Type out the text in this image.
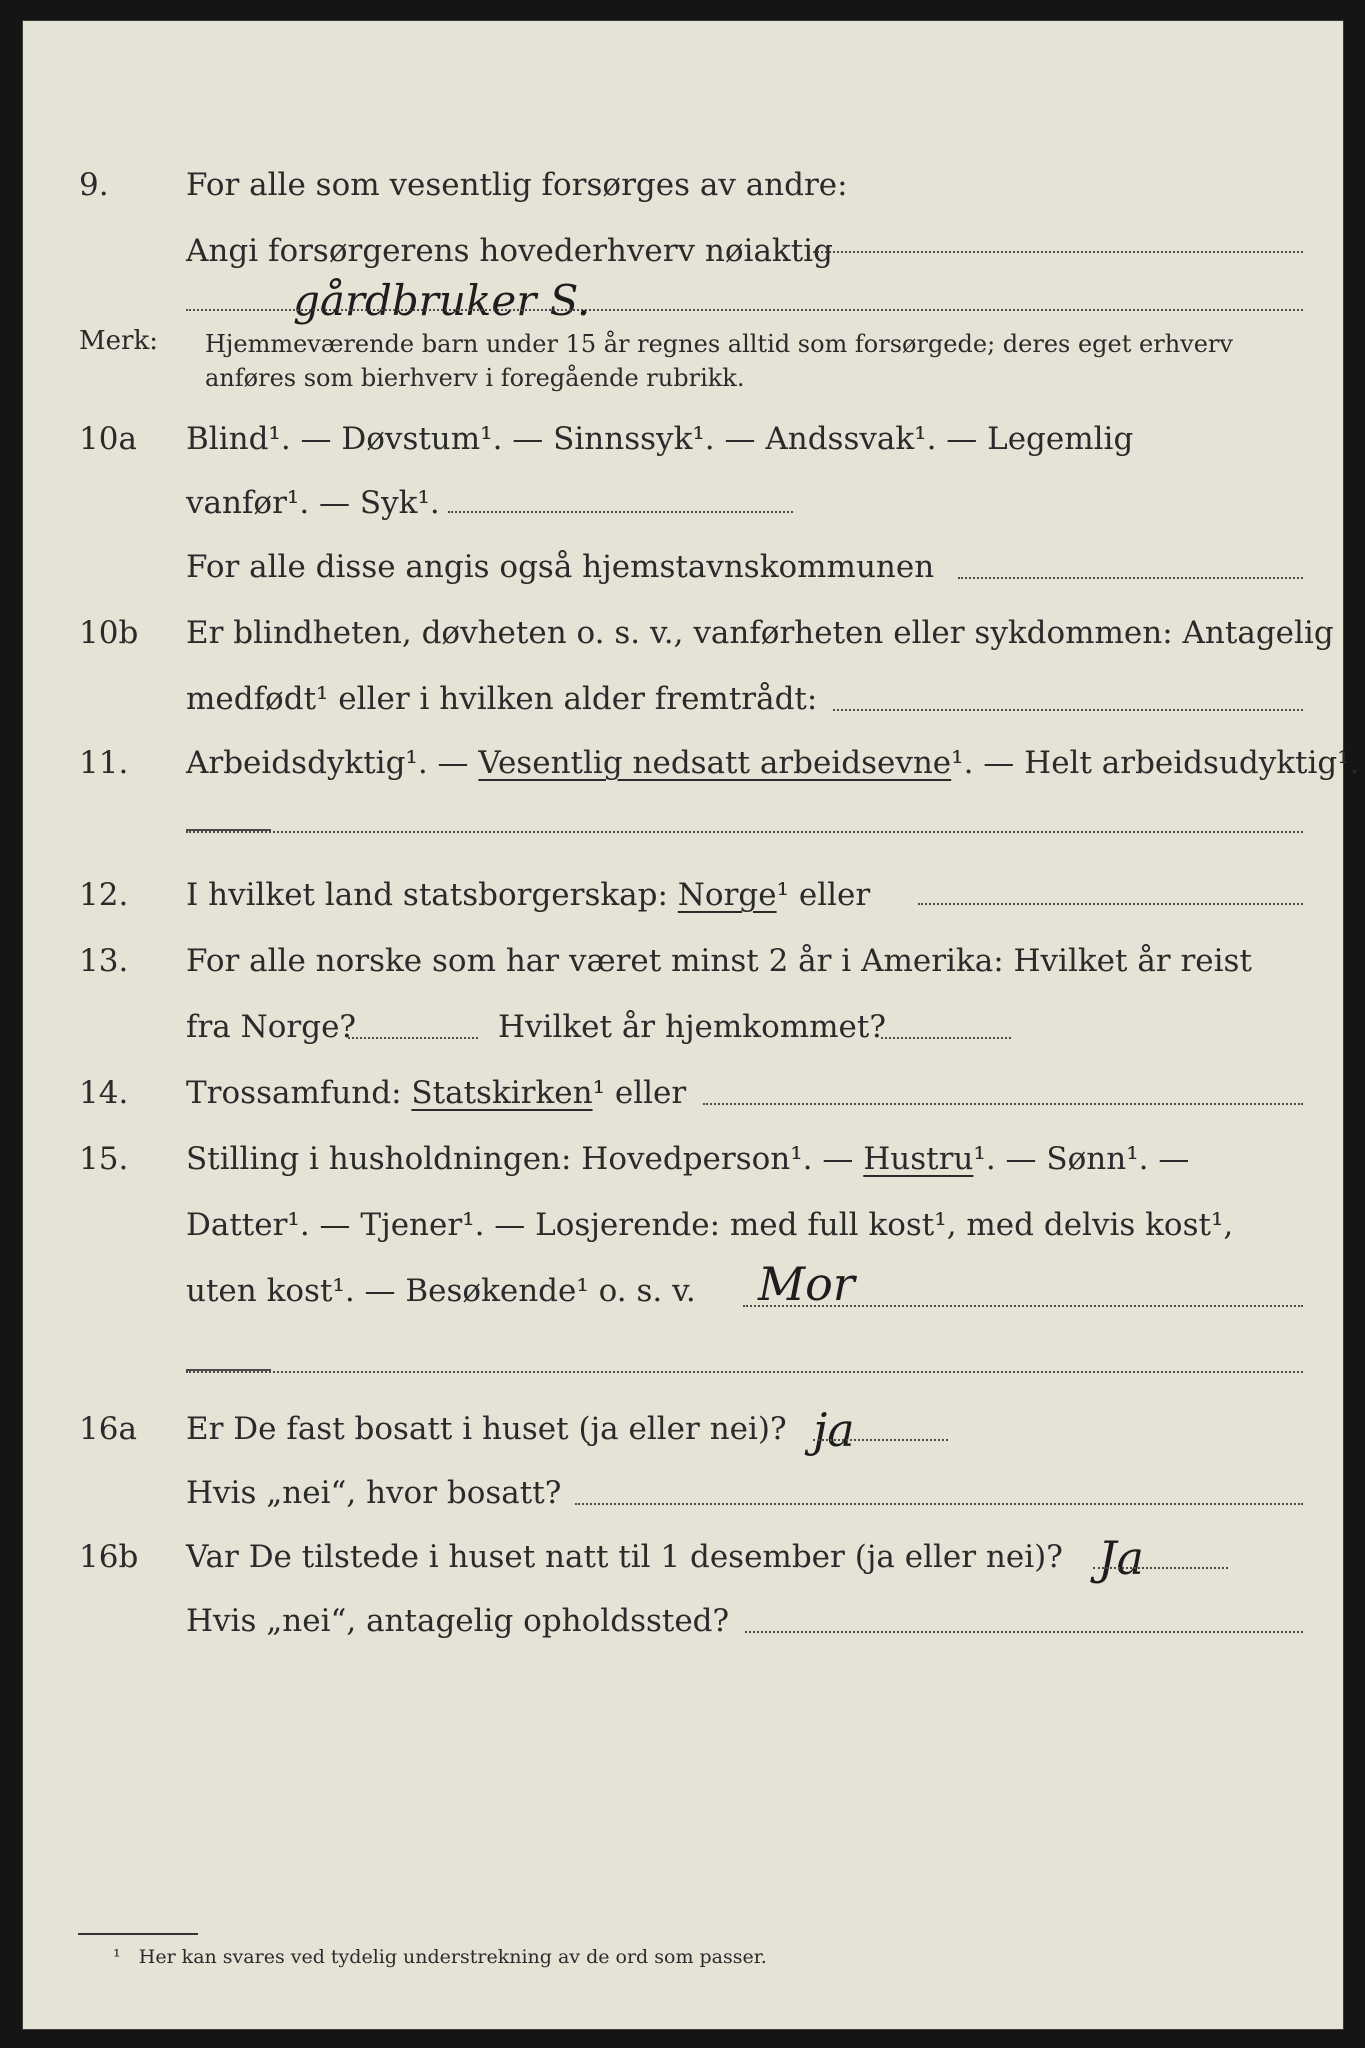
9. For alle som vesentlig forsørges av andre:
Angi forsørgerens hovederhverv nøiaktig
gårdbruker S.
Merk: Hjemmeværende barn under 15 år regnes alltid som forsørgede; deres eget erhverv
anføres som bierhverv i foregående rubrikk.
10a Blind¹. — Døvstum¹. — Sinnssyk¹. — Andssvak¹. — Legemlig
vanfør¹. — Syk¹.
For alle disse angis også hjemstavnskommunen
10b Er blindheten, døvheten o. s. v., vanførheten eller sykdommen: Antagelig
medfødt¹ eller i hvilken alder fremtrådt:
11. Arbeidsdyktig¹. — Vesentlig nedsatt arbeidsevne¹. — Helt arbeidsudyktig¹.
12. I hvilket land statsborgerskap: Norge¹ eller
13. For alle norske som har været minst 2 år i Amerika: Hvilket år reist
fra Norge?	Hvilket år hjemkommet?
14. Trossamfund: Statskirken¹ eller
15. Stilling i husholdningen: Hovedperson¹. — Hustru¹. — Sønn¹. —
Datter¹. — Tjener¹. — Losjerende: med full kost¹, med delvis kost¹,
uten kost¹. — Besøkende¹ o. s. v. Mor
16a Er De fast bosatt i huset (ja eller nei)? ja
Hvis „nei“, hvor bosatt?
16b Var De tilstede i huset natt til 1 desember (ja eller nei)? Ja
Hvis „nei“, antagelig opholdssted?
¹ Her kan svares ved tydelig understrekning av de ord som passer.
